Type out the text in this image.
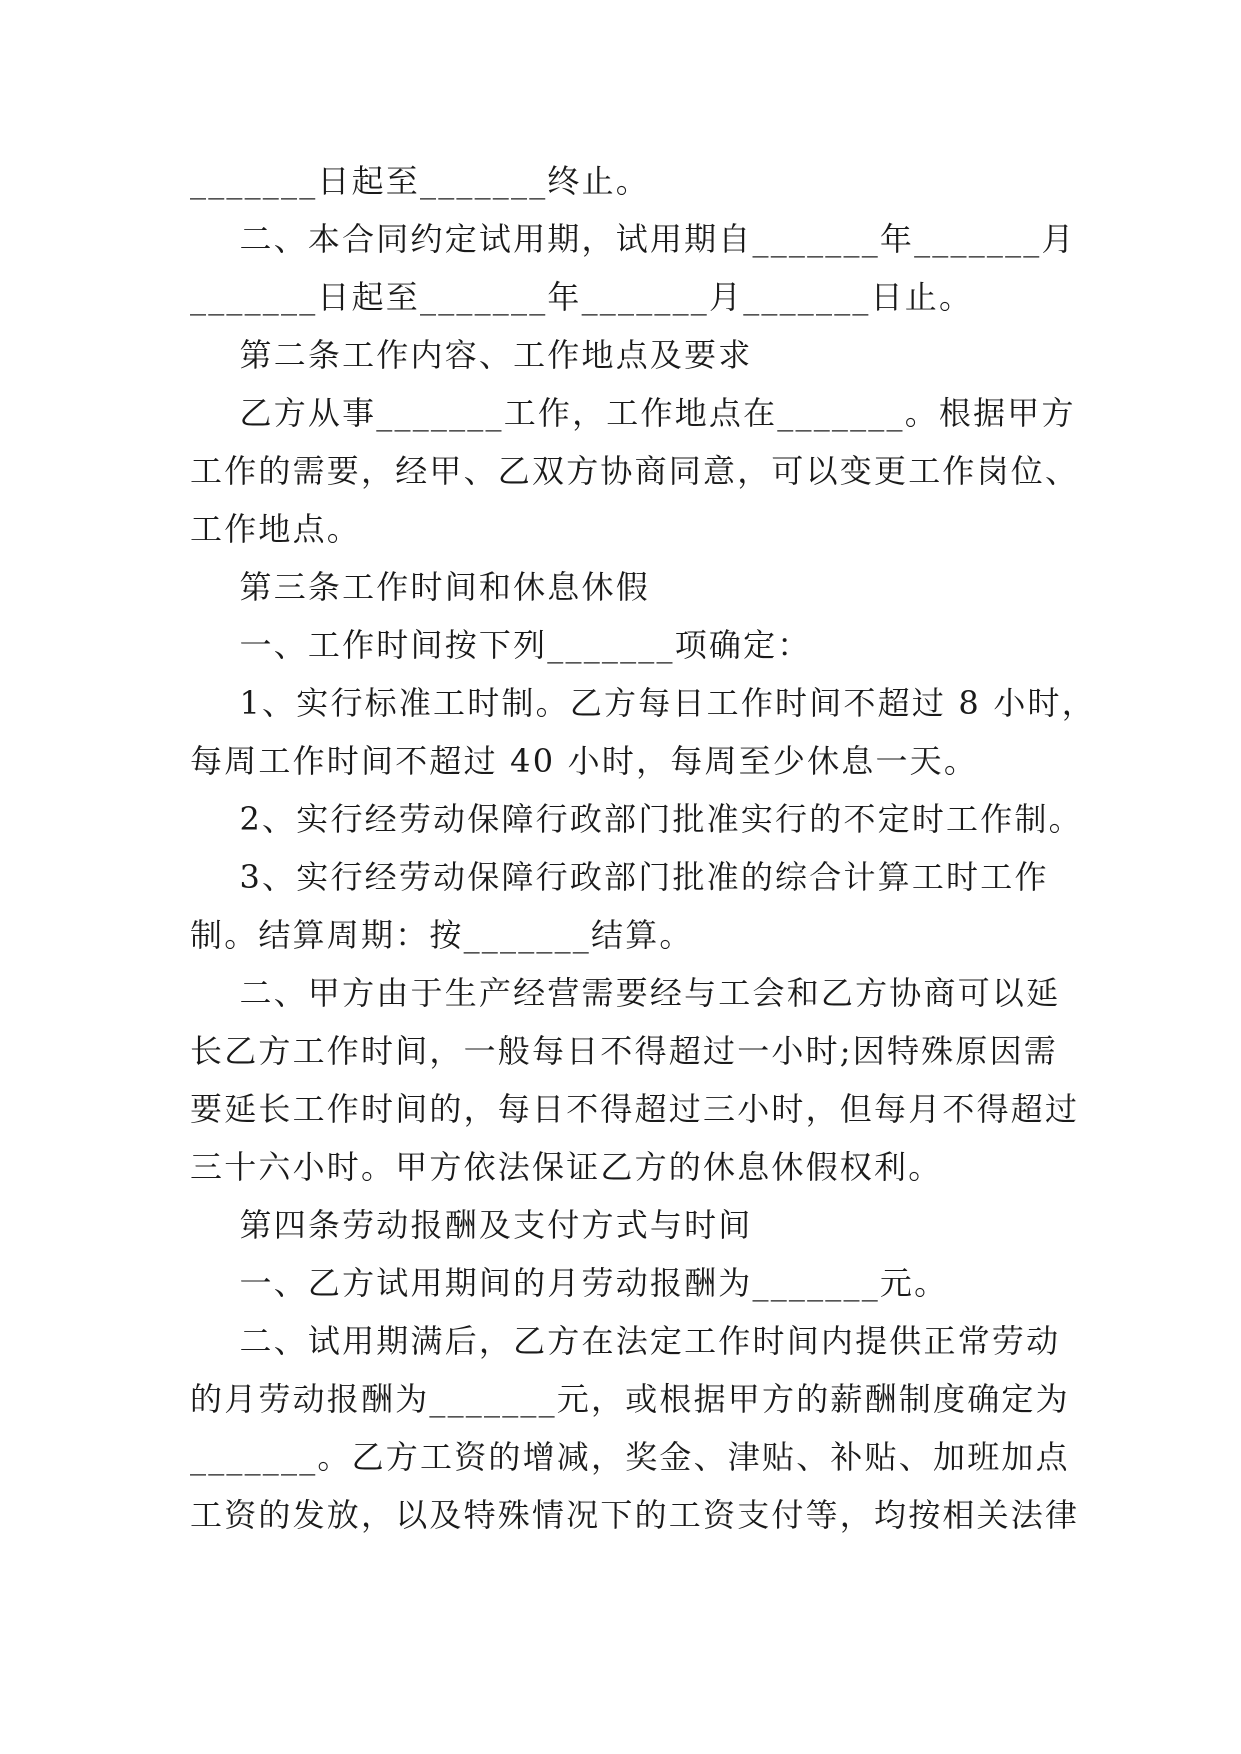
_______日起至_______终止。
二、本合同约定试用期，试用期自_______年_______月
_______日起至_______年_______月_______日止。
第二条工作内容、工作地点及要求
乙方从事_______工作，工作地点在_______。根据甲方
工作的需要，经甲、乙双方协商同意，可以变更工作岗位、
工作地点。
第三条工作时间和休息休假
一、工作时间按下列_______项确定：
1、实行标准工时制。乙方每日工作时间不超过 8 小时，
每周工作时间不超过 40 小时，每周至少休息一天。
2、实行经劳动保障行政部门批准实行的不定时工作制。
3、实行经劳动保障行政部门批准的综合计算工时工作
制。结算周期：按_______结算。
二、甲方由于生产经营需要经与工会和乙方协商可以延
长乙方工作时间，一般每日不得超过一小时;因特殊原因需
要延长工作时间的，每日不得超过三小时，但每月不得超过
三十六小时。甲方依法保证乙方的休息休假权利。
第四条劳动报酬及支付方式与时间
一、乙方试用期间的月劳动报酬为_______元。
二、试用期满后，乙方在法定工作时间内提供正常劳动
的月劳动报酬为_______元，或根据甲方的薪酬制度确定为
_______。乙方工资的增减，奖金、津贴、补贴、加班加点
工资的发放，以及特殊情况下的工资支付等，均按相关法律
